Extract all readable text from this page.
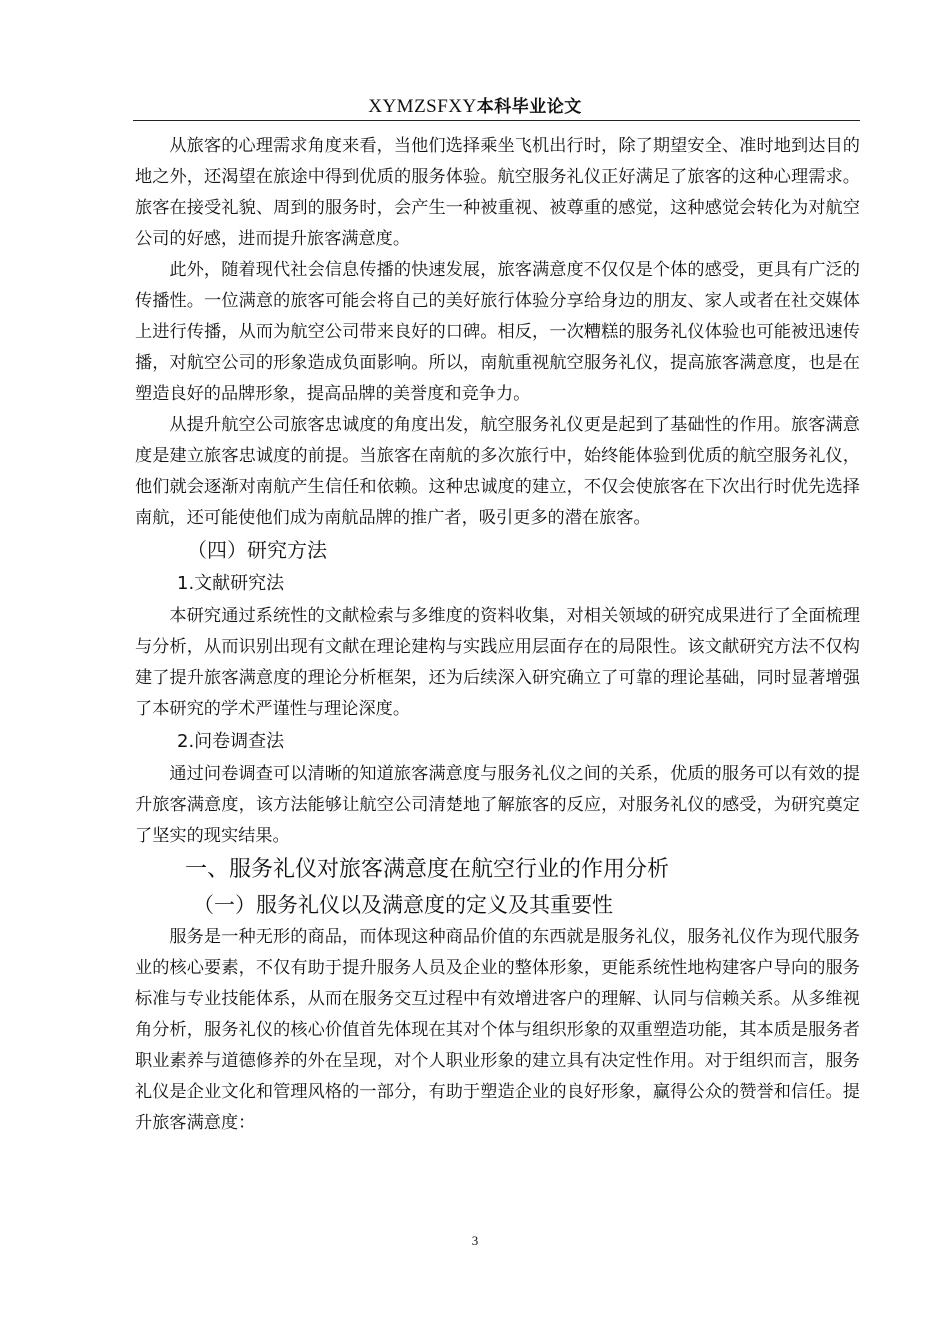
XYMZSFXY本科毕业论文

从旅客的心理需求角度来看，当他们选择乘坐飞机出行时，除了期望安全、准时地到达目的地之外，还渴望在旅途中得到优质的服务体验。航空服务礼仪正好满足了旅客的这种心理需求。旅客在接受礼貌、周到的服务时，会产生一种被重视、被尊重的感觉，这种感觉会转化为对航空公司的好感，进而提升旅客满意度。

此外，随着现代社会信息传播的快速发展，旅客满意度不仅仅是个体的感受，更具有广泛的传播性。一位满意的旅客可能会将自己的美好旅行体验分享给身边的朋友、家人或者在社交媒体上进行传播，从而为航空公司带来良好的口碑。相反，一次糟糕的服务礼仪体验也可能被迅速传播，对航空公司的形象造成负面影响。所以，南航重视航空服务礼仪，提高旅客满意度，也是在塑造良好的品牌形象，提高品牌的美誉度和竞争力。

从提升航空公司旅客忠诚度的角度出发，航空服务礼仪更是起到了基础性的作用。旅客满意度是建立旅客忠诚度的前提。当旅客在南航的多次旅行中，始终能体验到优质的航空服务礼仪，他们就会逐渐对南航产生信任和依赖。这种忠诚度的建立，不仅会使旅客在下次出行时优先选择南航，还可能使他们成为南航品牌的推广者，吸引更多的潜在旅客。

（四）研究方法

1.文献研究法

本研究通过系统性的文献检索与多维度的资料收集，对相关领域的研究成果进行了全面梳理与分析，从而识别出现有文献在理论建构与实践应用层面存在的局限性。该文献研究方法不仅构建了提升旅客满意度的理论分析框架，还为后续深入研究确立了可靠的理论基础，同时显著增强了本研究的学术严谨性与理论深度。

2.问卷调查法

通过问卷调查可以清晰的知道旅客满意度与服务礼仪之间的关系，优质的服务可以有效的提升旅客满意度，该方法能够让航空公司清楚地了解旅客的反应，对服务礼仪的感受，为研究奠定了坚实的现实结果。

一、服务礼仪对旅客满意度在航空行业的作用分析

（一）服务礼仪以及满意度的定义及其重要性

服务是一种无形的商品，而体现这种商品价值的东西就是服务礼仪，服务礼仪作为现代服务业的核心要素，不仅有助于提升服务人员及企业的整体形象，更能系统性地构建客户导向的服务标准与专业技能体系，从而在服务交互过程中有效增进客户的理解、认同与信赖关系。从多维视角分析，服务礼仪的核心价值首先体现在其对个体与组织形象的双重塑造功能，其本质是服务者职业素养与道德修养的外在呈现，对个人职业形象的建立具有决定性作用。对于组织而言，服务礼仪是企业文化和管理风格的一部分，有助于塑造企业的良好形象，赢得公众的赞誉和信任。提升旅客满意度：

3
